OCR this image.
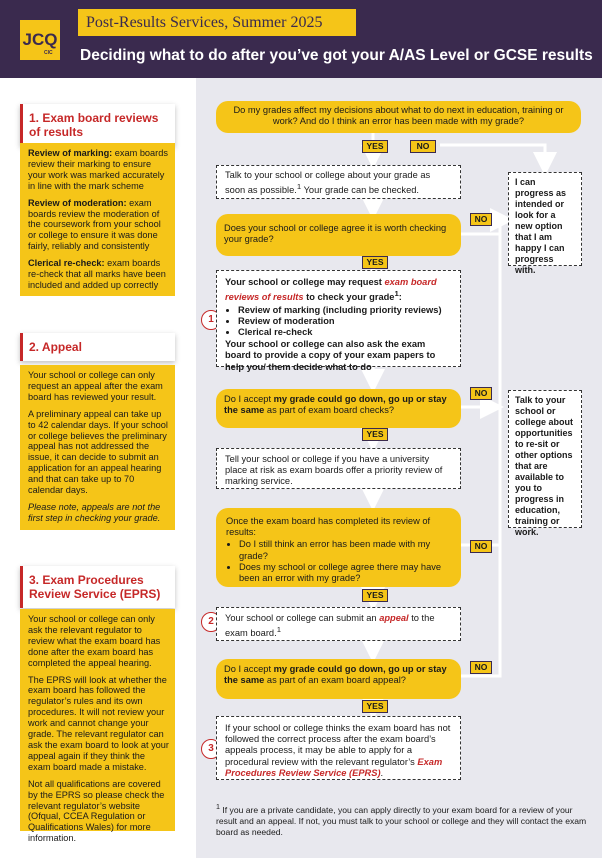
JCQ
CIC
Post-Results Services, Summer 2025
Deciding what to do after you’ve got your A/AS Level or GCSE results
1. Exam board reviews of results

Review of marking: exam boards review their marking to ensure your work was marked accurately in line with the mark scheme

Review of moderation: exam boards review the moderation of the coursework from your school or college to ensure it was done fairly, reliably and consistently

Clerical re-check: exam boards re-check that all marks have been included and added up correctly

2. Appeal

Your school or college can only request an appeal after the exam board has reviewed your result.

A preliminary appeal can take up to 42 calendar days. If your school or college believes the preliminary appeal has not addressed the issue, it can decide to submit an application for an appeal hearing and that can take up to 70 calendar days.

Please note, appeals are not the first step in checking your grade.

3. Exam Procedures Review Service (EPRS)

Your school or college can only ask the relevant regulator to review what the exam board has done after the exam board has completed the appeal hearing.

The EPRS will look at whether the exam board has followed the regulator’s rules and its own procedures. It will not review your work and cannot change your grade. The relevant regulator can ask the exam board to look at your appeal again if they think the exam board made a mistake.

Not all qualifications are covered by the EPRS so please check the relevant regulator’s website (Ofqual, CCEA Regulation or Qualifications Wales) for more information.

Do my grades affect my decisions about what to do next in education, training or work? And do I think an error has been made with my grade?
YES	NO
Talk to your school or college about your grade as soon as possible.$^1$ Your grade can be checked.
I can progress as intended or look for a new option that I am happy I can progress with.
NO
Does your school or college agree it is worth checking your grade?
YES
1
Your school or college may request exam board reviews of results to check your grade$^1$:
• Review of marking (including priority reviews)
• Review of moderation
• Clerical re-check
Your school or college can also ask the exam board to provide a copy of your exam papers to help you/ them decide what to do
NO
Do I accept my grade could go down, go up or stay the same as part of exam board checks?
YES
Talk to your school or college about opportunities to re-sit or other options that are available to you to progress in education, training or work.
Tell your school or college if you have a university place at risk as exam boards offer a priority review of marking service.
Once the exam board has completed its review of results:
• Do I still think an error has been made with my grade?
• Does my school or college agree there may have been an error with my grade?
NO
YES
2	Your school or college can submit an appeal to the exam board.$^1$
NO
Do I accept my grade could go down, go up or stay the same as part of an exam board appeal?
YES
3
If your school or college thinks the exam board has not followed the correct process after the exam board’s appeals process, it may be able to apply for a procedural review with the relevant regulator’s Exam Procedures Review Service (EPRS).
$^1$ If you are a private candidate, you can apply directly to your exam board for a review of your result and an appeal. If not, you must talk to your school or college and they will contact the exam board as needed.
